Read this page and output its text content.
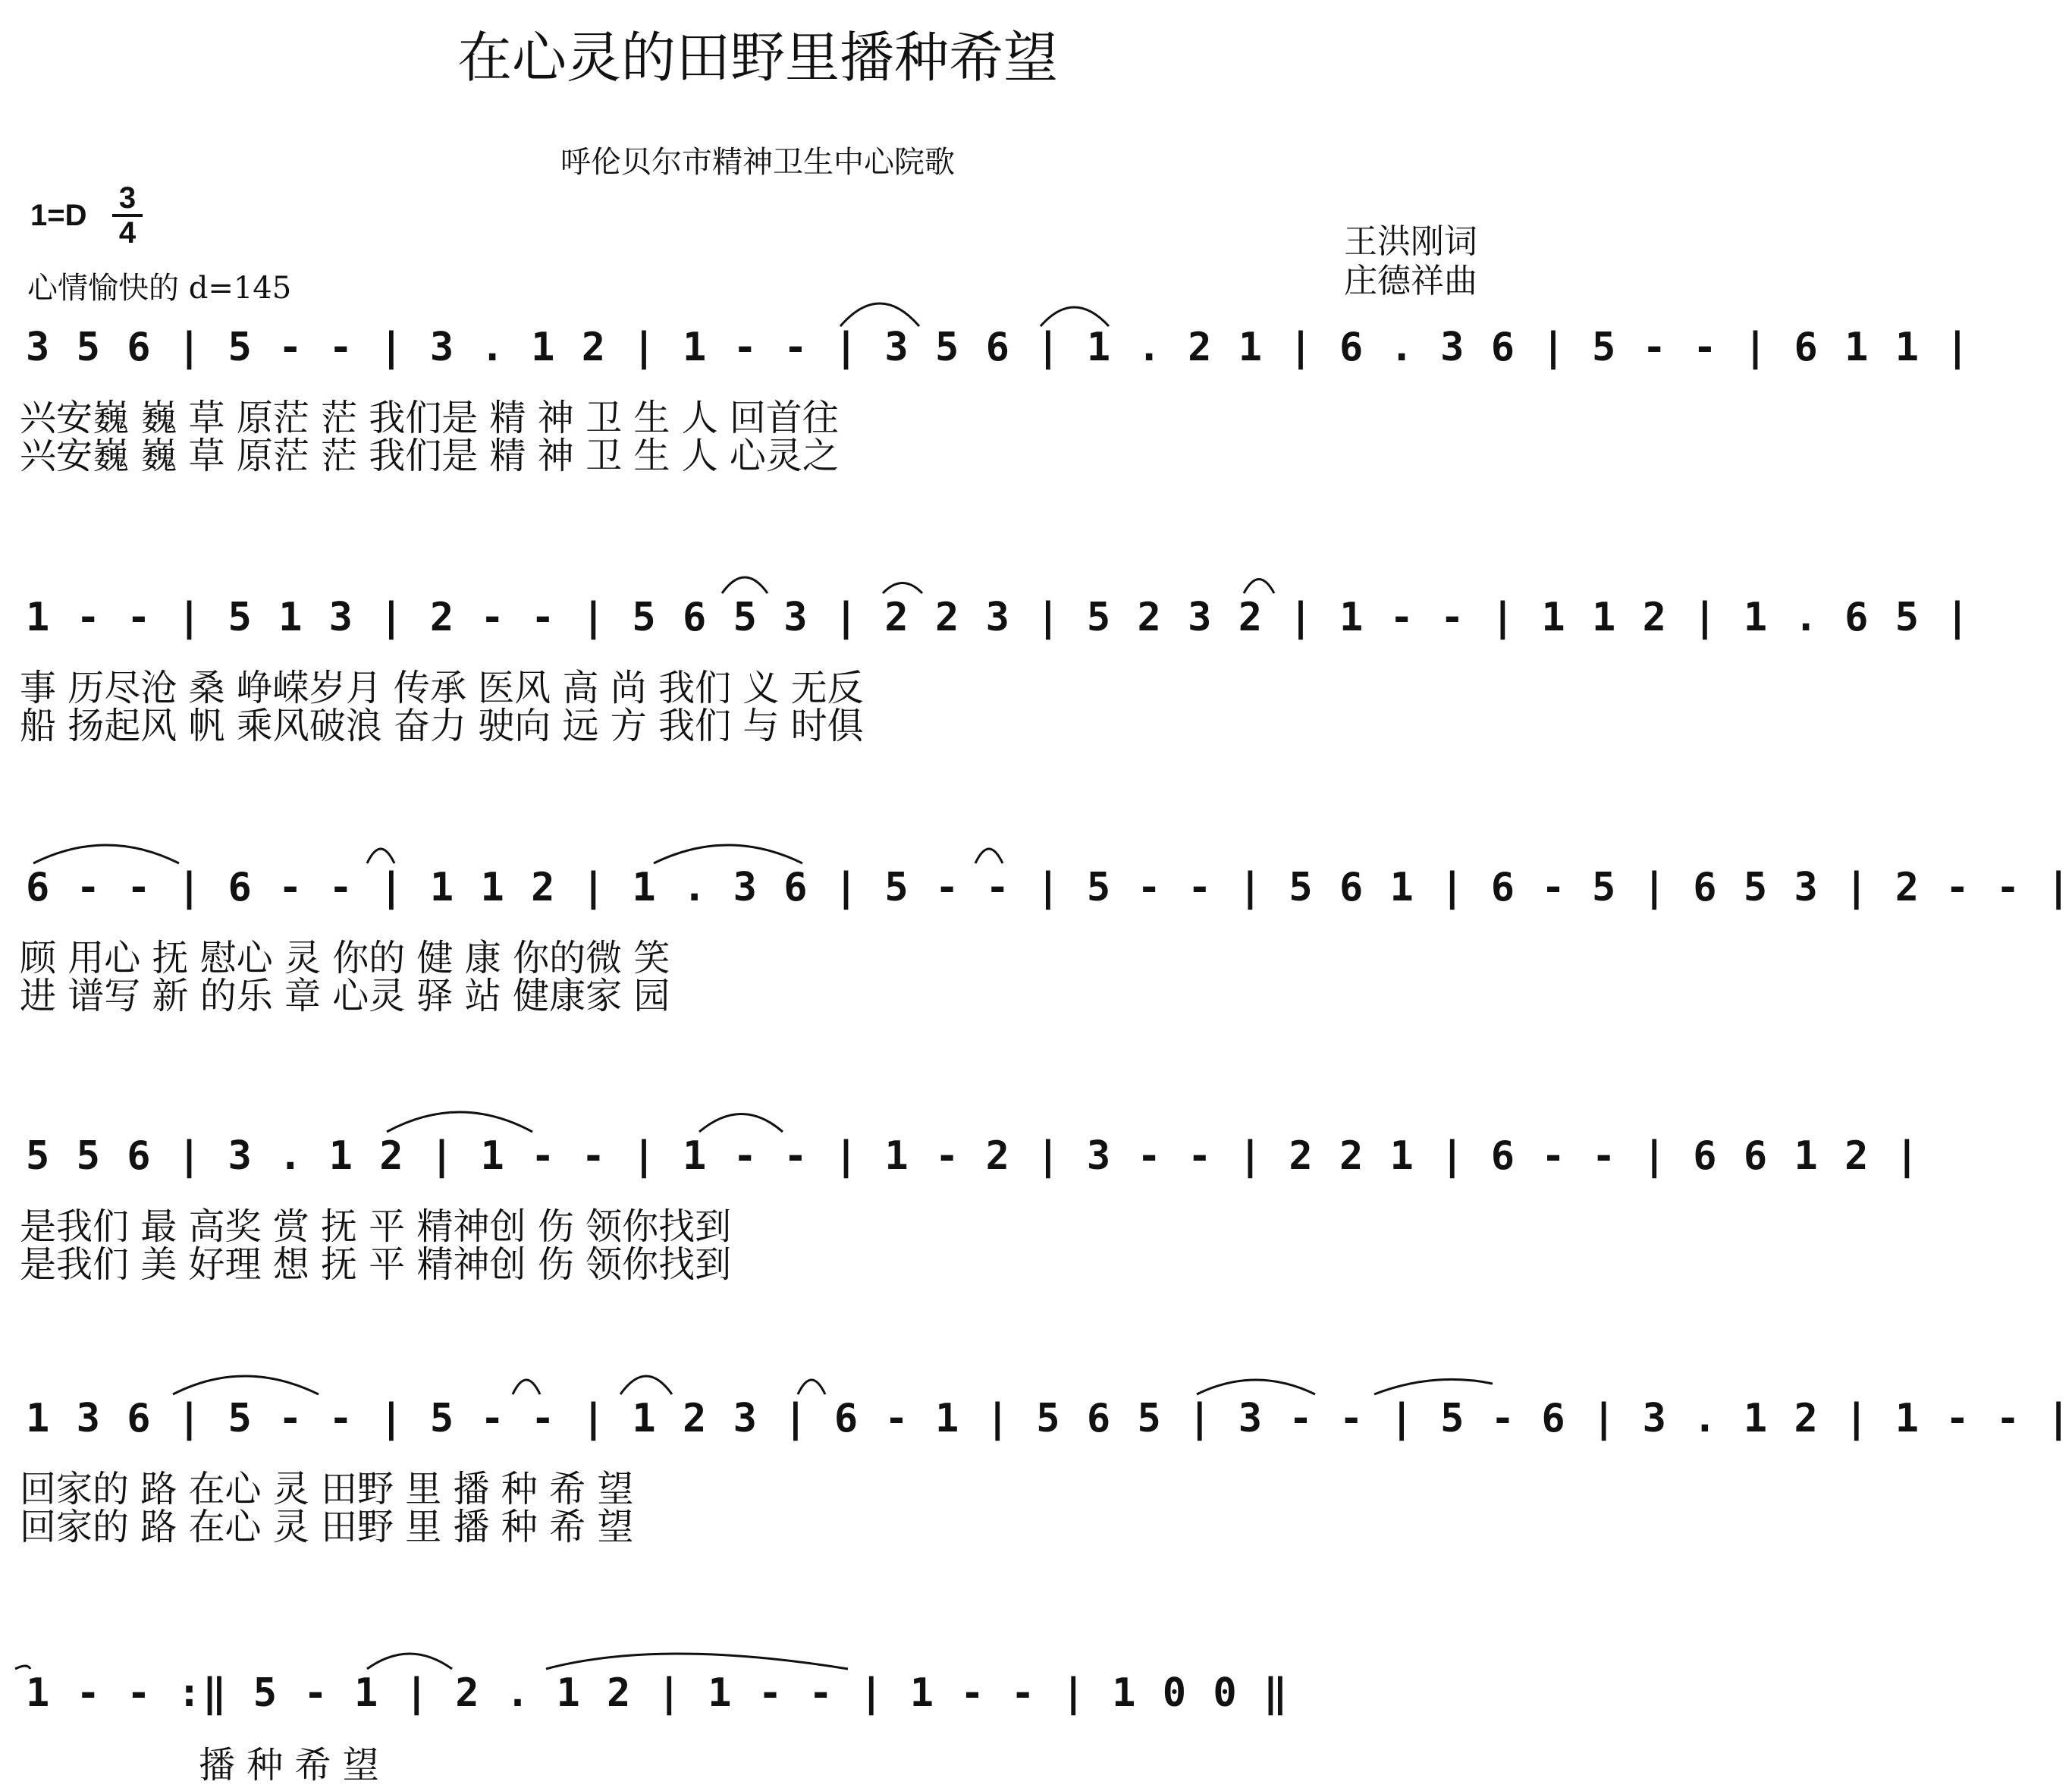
在心灵的田野里播种希望
呼伦贝尔市精神卫生中心院歌
1=D
3
4
心情愉快的 d=145
王洪刚词
庄德祥曲
3 5 6 | 5 - - | 3 . 1 2 | 1 - - | 3 5 6 | 1 . 2 1 | 6 . 3 6 | 5 - - | 6 1 1 |
兴安巍 巍 草 原茫 茫 我们是 精 神 卫 生 人 回首往
兴安巍 巍 草 原茫 茫 我们是 精 神 卫 生 人 心灵之
1 - - | 5 1 3 | 2 - - | 5 6 5 3 | 2 2 3 | 5 2 3 2 | 1 - - | 1 1 2 | 1 . 6 5 |
事 历尽沧 桑 峥嵘岁月 传承 医风 高 尚 我们 义 无反
船 扬起风 帆 乘风破浪 奋力 驶向 远 方 我们 与 时俱
6 - - | 6 - - | 1 1 2 | 1 . 3 6 | 5 - - | 5 - - | 5 6 1 | 6 - 5 | 6 5 3 | 2 - - |
顾 用心 抚 慰心 灵 你的 健 康 你的微 笑
进 谱写 新 的乐 章 心灵 驿 站 健康家 园
5 5 6 | 3 . 1 2 | 1 - - | 1 - - | 1 - 2 | 3 - - | 2 2 1 | 6 - - | 6 6 1 2 |
是我们 最 高奖 赏 抚 平 精神创 伤 领你找到
是我们 美 好理 想 抚 平 精神创 伤 领你找到
1 3 6 | 5 - - | 5 - - | 1 2 3 | 6 - 1 | 5 6 5 | 3 - - | 5 - 6 | 3 . 1 2 | 1 - - |
回家的 路 在心 灵 田野 里 播 种 希 望
回家的 路 在心 灵 田野 里 播 种 希 望
1 - - :‖ 5 - 1 | 2 . 1 2 | 1 - - | 1 - - | 1 0 0 ‖
播 种 希 望
